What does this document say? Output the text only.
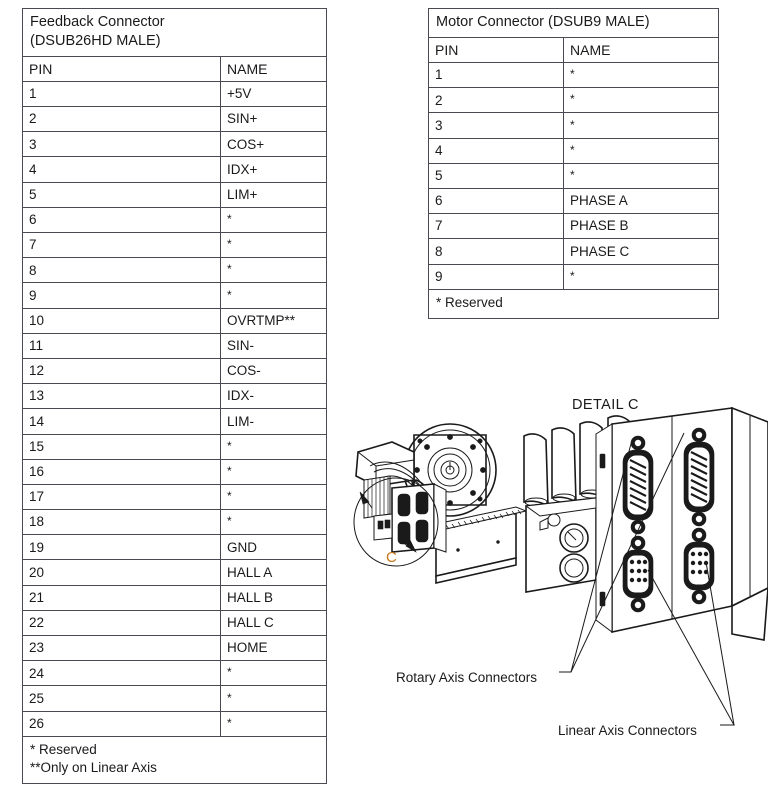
Feedback Connector
(DSUB26HD MALE)	
PIN	NAME
1	+5V
2	SIN+
3	COS+
4	IDX+
5	LIM+
6	*
7	*
8	*
9	*
10	OVRTMP**
11	SIN-
12	COS-
13	IDX-
14	LIM-
15	*
16	*
17	*
18	*
19	GND
20	HALL A
21	HALL B
22	HALL C
23	HOME
24	*
25	*
26	*
* Reserved
**Only on Linear Axis	
Motor Connector (DSUB9 MALE)	
PIN	NAME
1	*
2	*
3	*
4	*
5	*
6	PHASE A
7	PHASE B
8	PHASE C
9	*
* Reserved	
DETAIL C
C
Rotary Axis Connectors
Linear Axis Connectors
